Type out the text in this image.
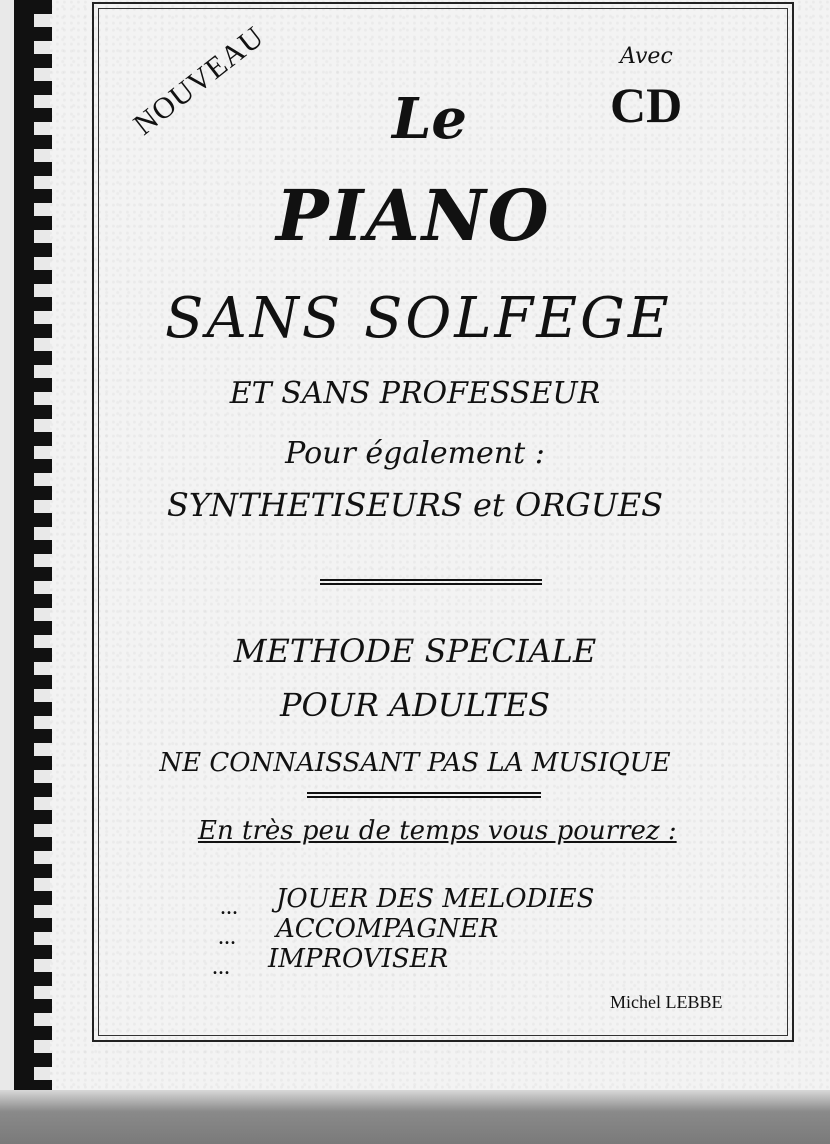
NOUVEAU	Avec
CD
Le
PIANO
SANS SOLFEGE
ET SANS PROFESSEUR
Pour également :
SYNTHETISEURS et ORGUES
METHODE SPECIALE
POUR ADULTES
NE CONNAISSANT PAS LA MUSIQUE
En très peu de temps vous pourrez :
... JOUER DES MELODIES
... ACCOMPAGNER
... IMPROVISER
Michel LEBBE
